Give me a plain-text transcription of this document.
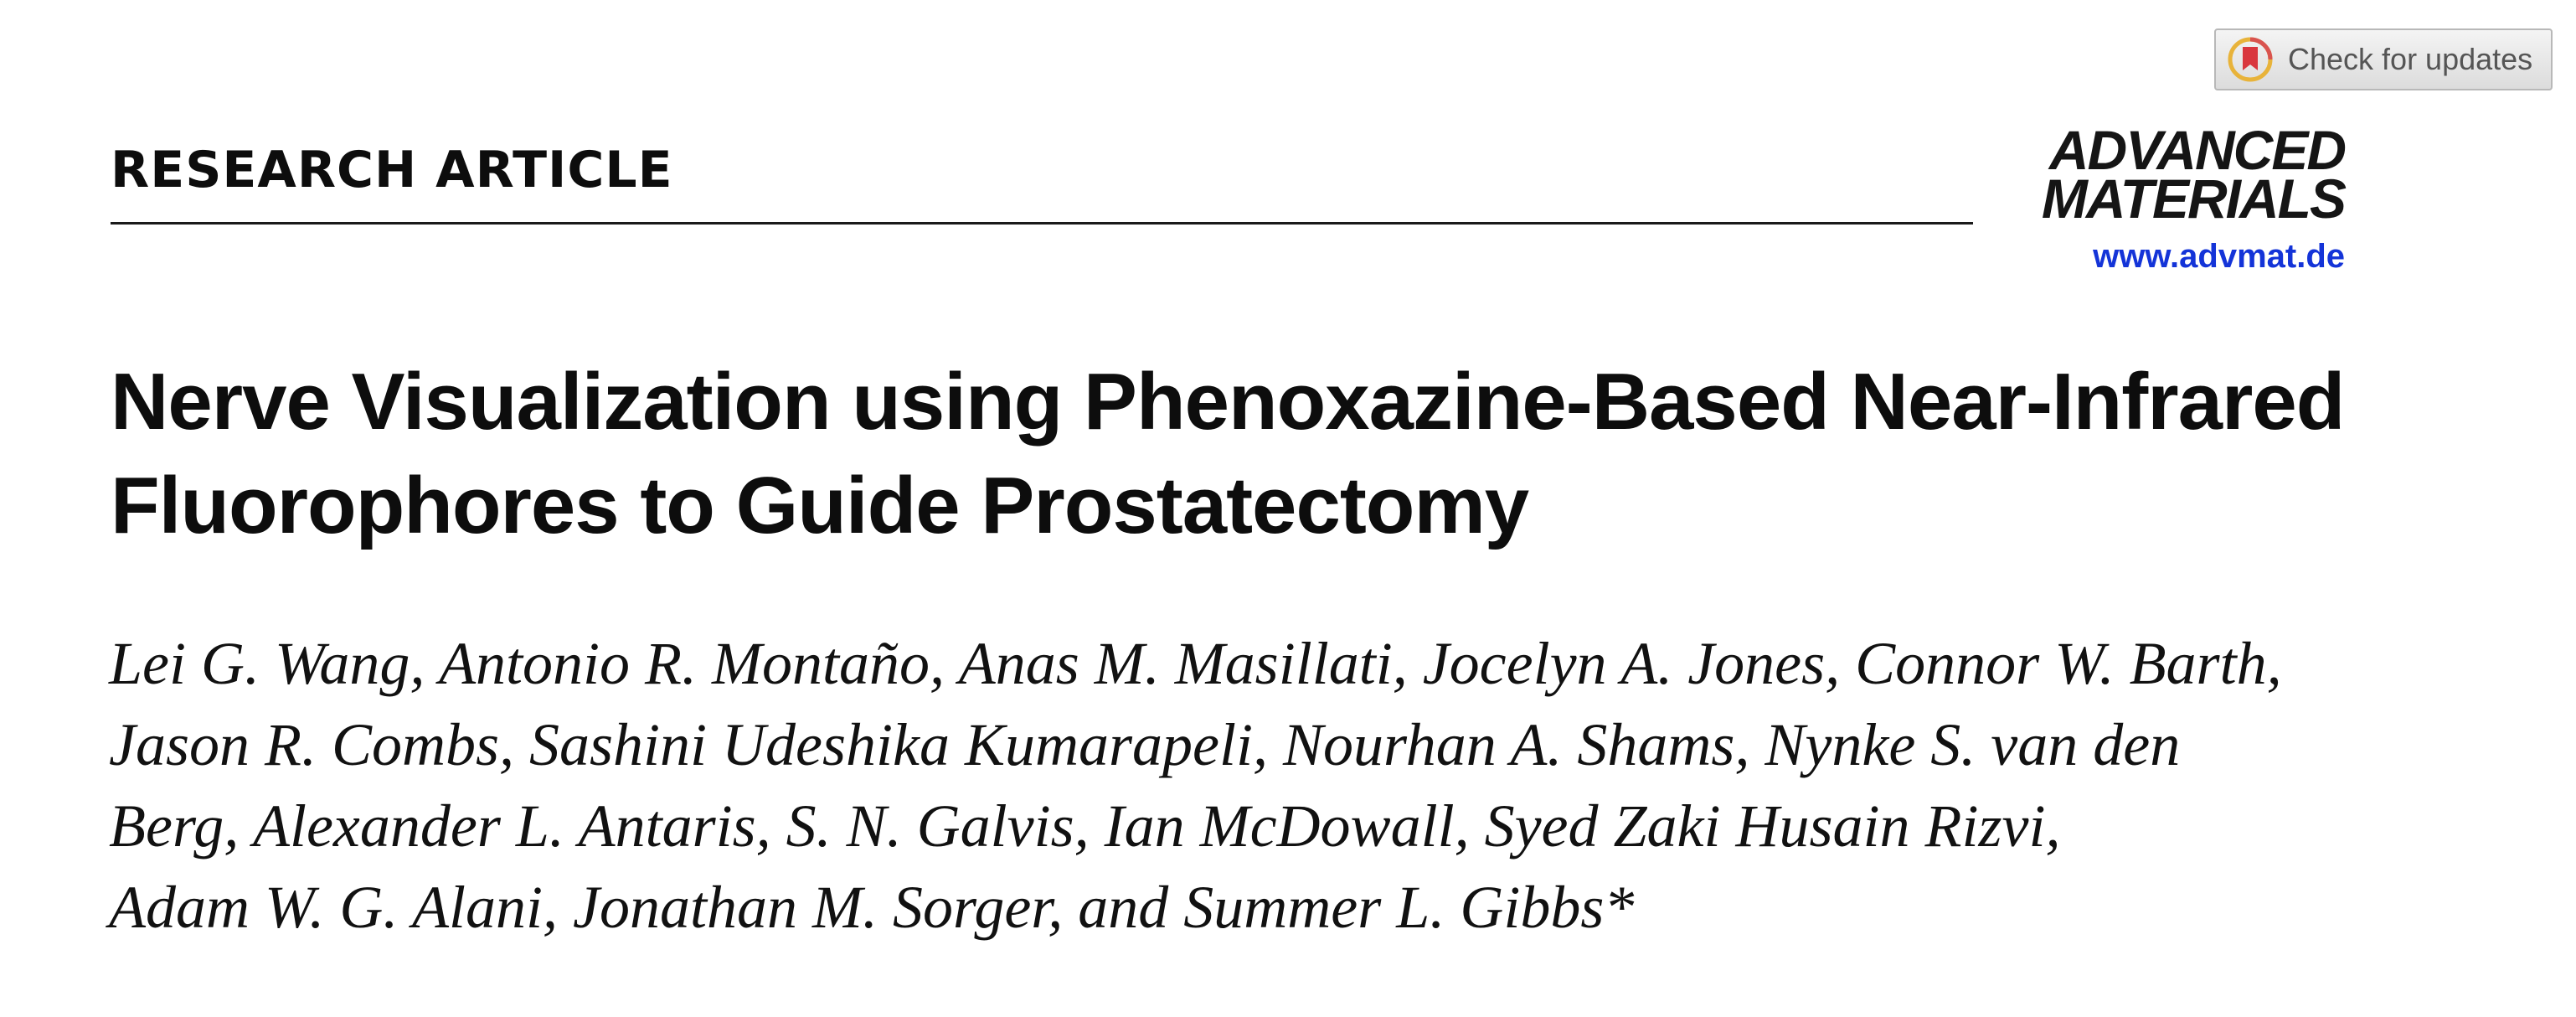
Check for updates
RESEARCH ARTICLE	ADVANCED
MATERIALS
www.advmat.de
Nerve Visualization using Phenoxazine-Based Near-Infrared
Fluorophores to Guide Prostatectomy

Lei G. Wang, Antonio R. Montaño, Anas M. Masillati, Jocelyn A. Jones, Connor W. Barth,
Jason R. Combs, Sashini Udeshika Kumarapeli, Nourhan A. Shams, Nynke S. van den
Berg, Alexander L. Antaris, S. N. Galvis, Ian McDowall, Syed Zaki Husain Rizvi,
Adam W. G. Alani, Jonathan M. Sorger, and Summer L. Gibbs*
